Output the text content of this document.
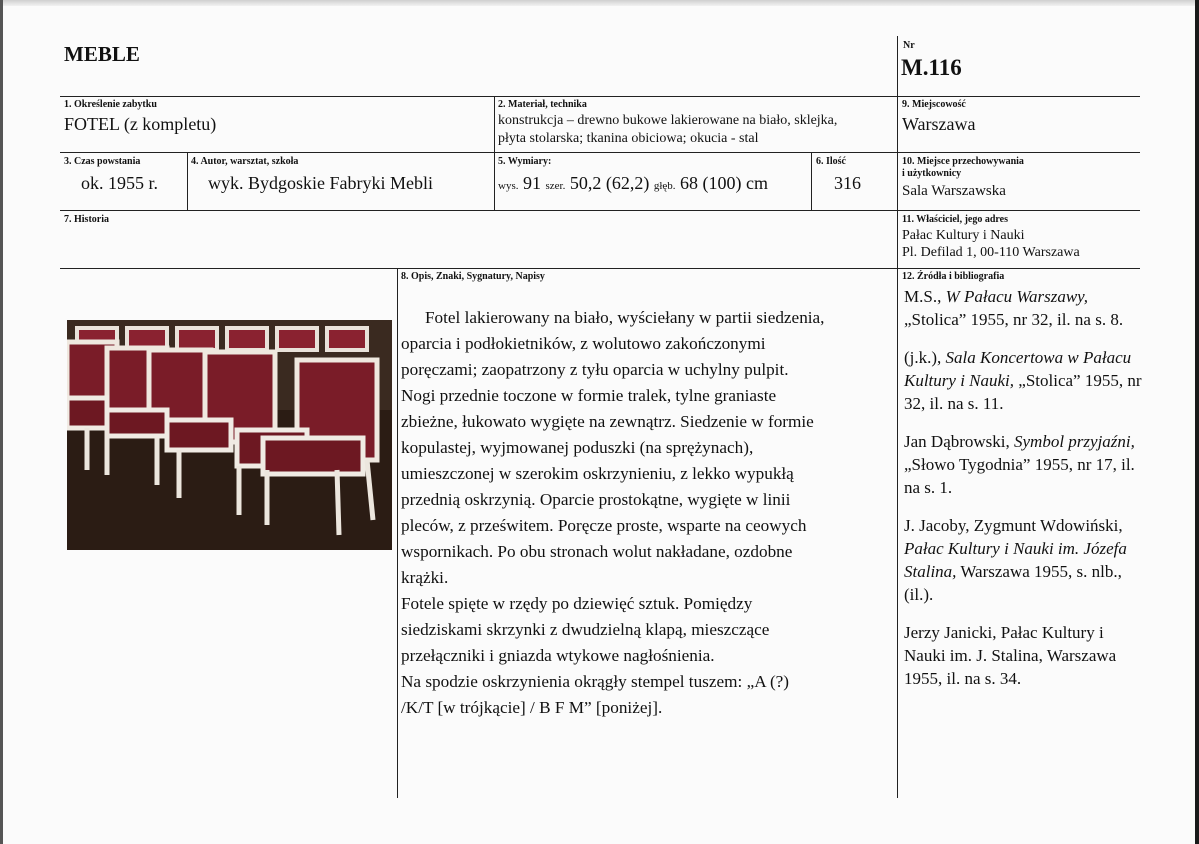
MEBLE	Nr
M.116
1. Określenie zabytku
FOTEL (z kompletu)
2. Materiał, technika
konstrukcja – drewno bukowe lakierowane na biało, sklejka,
płyta stolarska; tkanina obiciowa; okucia - stal
9. Miejscowość
Warszawa
3. Czas powstania
ok. 1955 r.
4. Autor, warsztat, szkoła
wyk. Bydgoskie Fabryki Mebli
5. Wymiary:
wys. 91 szer. 50,2 (62,2) głęb. 68 (100) cm
6. Ilość
316
10. Miejsce przechowywania
i użytkownicy
Sala Warszawska
7. Historia	11. Właściciel, jego adres
Pałac Kultury i Nauki
Pl. Defilad 1, 00-110 Warszawa
8. Opis, Znaki, Sygnatury, Napisy	12. Źródła i bibliografia

Fotel lakierowany na biało, wyściełany w partii siedzenia,

oparcia i podłokietników, z wolutowo zakończonymi

poręczami; zaopatrzony z tyłu oparcia w uchylny pulpit.

Nogi przednie toczone w formie tralek, tylne graniaste

zbieżne, łukowato wygięte na zewnątrz. Siedzenie w formie

kopulastej, wyjmowanej poduszki (na sprężynach),

umieszczonej w szerokim oskrzynieniu, z lekko wypukłą

przednią oskrzynią. Oparcie prostokątne, wygięte w linii

pleców, z prześwitem. Poręcze proste, wsparte na ceowych

wspornikach. Po obu stronach wolut nakładane, ozdobne

krążki.

Fotele spięte w rzędy po dziewięć sztuk. Pomiędzy

siedziskami skrzynki z dwudzielną klapą, mieszczące

przełączniki i gniazda wtykowe nagłośnienia.

Na spodzie oskrzynienia okrągły stempel tuszem: „A (?)

/K/T [w trójkącie] / B F M” [poniżej].

M.S., W Pałacu Warszawy, „Stolica” 1955, nr 32, il. na s. 8.
(j.k.), Sala Koncertowa w Pałacu Kultury i Nauki, „Stolica” 1955, nr 32, il. na s. 11.
Jan Dąbrowski, Symbol przyjaźni, „Słowo Tygodnia” 1955, nr 17, il. na s. 1.
J. Jacoby, Zygmunt Wdowiński, Pałac Kultury i Nauki im. Józefa Stalina, Warszawa 1955, s. nlb., (il.).
Jerzy Janicki, Pałac Kultury i Nauki im. J. Stalina, Warszawa 1955, il. na s. 34.
